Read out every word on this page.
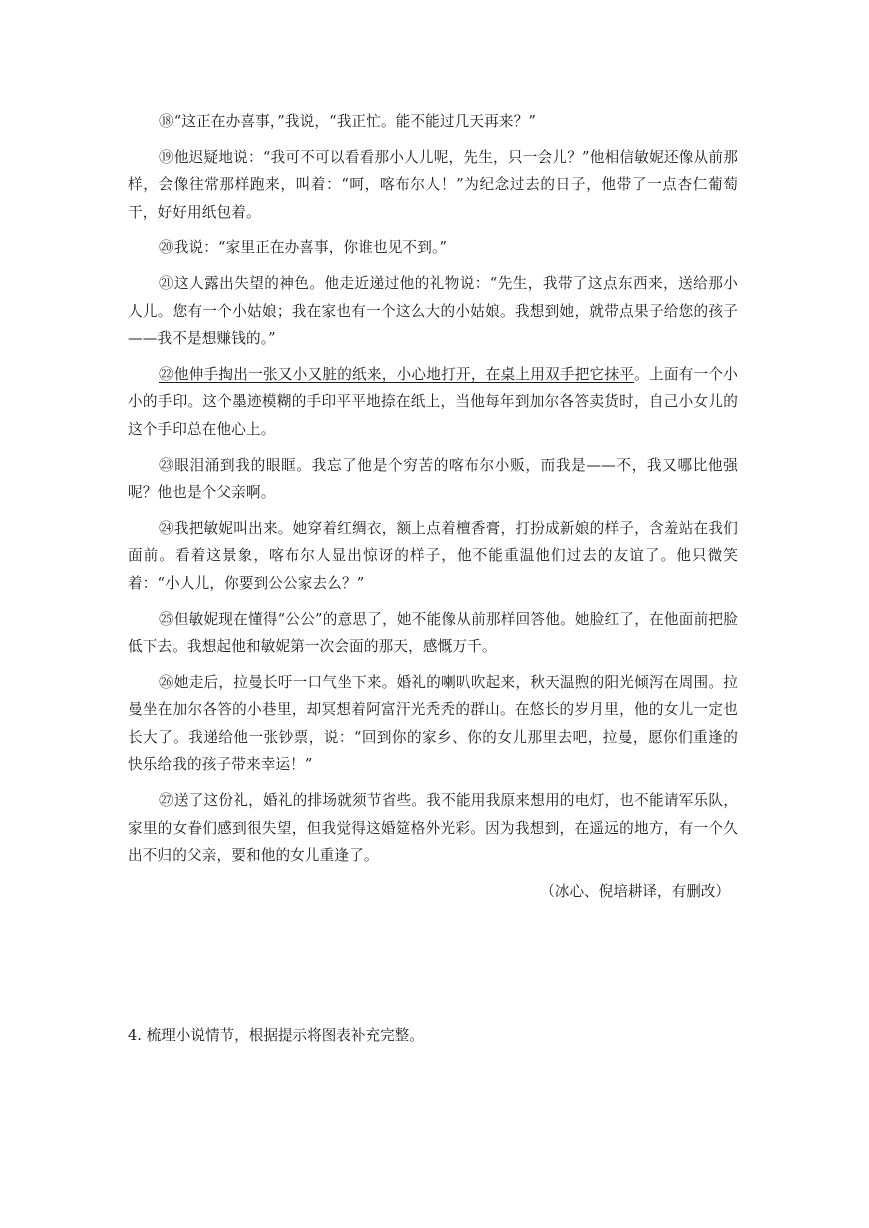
⑱“这正在办喜事，”我说，“我正忙。能不能过几天再来？”

⑲他迟疑地说：“我可不可以看看那小人儿呢，先生，只一会儿？”他相信敏妮还像从前那样，会像往常那样跑来，叫着：“呵，喀布尔人！”为纪念过去的日子，他带了一点杏仁葡萄干，好好用纸包着。

⑳我说：“家里正在办喜事，你谁也见不到。”

㉑这人露出失望的神色。他走近递过他的礼物说：“先生，我带了这点东西来，送给那小人儿。您有一个小姑娘；我在家也有一个这么大的小姑娘。我想到她，就带点果子给您的孩子——我不是想赚钱的。”

㉒他伸手掏出一张又小又脏的纸来，小心地打开，在桌上用双手把它抹平。上面有一个小小的手印。这个墨迹模糊的手印平平地捺在纸上，当他每年到加尔各答卖货时，自己小女儿的这个手印总在他心上。

㉓眼泪涌到我的眼眶。我忘了他是个穷苦的喀布尔小贩，而我是——不，我又哪比他强呢？他也是个父亲啊。

㉔我把敏妮叫出来。她穿着红绸衣，额上点着檀香膏，打扮成新娘的样子，含羞站在我们面前。看着这景象，喀布尔人显出惊讶的样子，他不能重温他们过去的友谊了。他只微笑着：“小人儿，你要到公公家去么？”

㉕但敏妮现在懂得“公公”的意思了，她不能像从前那样回答他。她脸红了，在他面前把脸低下去。我想起他和敏妮第一次会面的那天，感慨万千。

㉖她走后，拉曼长吁一口气坐下来。婚礼的喇叭吹起来，秋天温煦的阳光倾泻在周围。拉曼坐在加尔各答的小巷里，却冥想着阿富汗光秃秃的群山。在悠长的岁月里，他的女儿一定也长大了。我递给他一张钞票，说：“回到你的家乡、你的女儿那里去吧，拉曼，愿你们重逢的快乐给我的孩子带来幸运！”

㉗送了这份礼，婚礼的排场就须节省些。我不能用我原来想用的电灯，也不能请军乐队，家里的女眷们感到很失望，但我觉得这婚筵格外光彩。因为我想到，在遥远的地方，有一个久出不归的父亲，要和他的女儿重逢了。

（冰心、倪培耕译，有删改）

4. 梳理小说情节，根据提示将图表补充完整。
